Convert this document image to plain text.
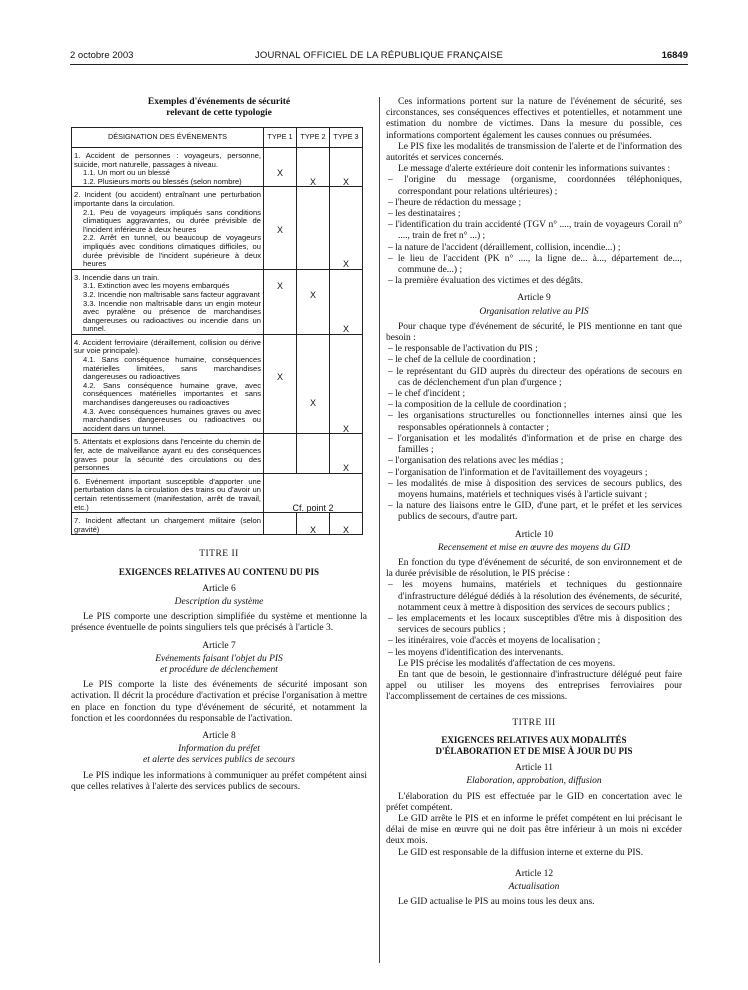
2 octobre 2003	JOURNAL OFFICIEL DE LA RÉPUBLIQUE FRANÇAISE	16849

Exemples d'événements de sécurité

relevant de cette typologie

DÉSIGNATION DES ÉVÉNEMENTS	TYPE 1	TYPE 2	TYPE 3
1. Accident de personnes : voyageurs, personne, suicide, mort naturelle, passages à niveau.			
1.1. Un mort ou un blessé	X		
1.2. Plusieurs morts ou blessés (selon nombre)		X	X
2. Incident (ou accident) entraînant une perturbation importante dans la circulation.			
2.1. Peu de voyageurs impliqués sans conditions climatiques aggravantes, ou durée prévisible de l'incident inférieure à deux heures	X		
2.2. Arrêt en tunnel, ou beaucoup de voyageurs impliqués avec conditions climatiques difficiles, ou durée prévisible de l'incident supérieure à deux heures			X
3. Incendie dans un train.			
3.1. Extinction avec les moyens embarqués	X		
3.2. Incendie non maîtrisable sans facteur aggravant		X	
3.3. Incendie non maîtrisable dans un engin moteur avec pyralène ou présence de marchandises dangereuses ou radioactives ou incendie dans un tunnel.			X
4. Accident ferroviaire (déraillement, collision ou dérive sur voie principale).			
4.1. Sans conséquence humaine, conséquences matérielles limitées, sans marchandises dangereuses ou radioactives	X		
4.2. Sans conséquence humaine grave, avec conséquences matérielles importantes et sans marchandises dangereuses ou radioactives		X	
4.3. Avec conséquences humaines graves ou avec marchandises dangereuses ou radioactives ou accident dans un tunnel.			X
5. Attentats et explosions dans l'enceinte du chemin de fer, acte de malveillance ayant eu des conséquences graves pour la sécurité des circulations ou des personnes			X
6. Evénement important susceptible d'apporter une perturbation dans la circulation des trains ou d'avoir un certain retentissement (manifestation, arrêt de travail, etc.)	Cf. point 2		
7. Incident affectant un chargement militaire (selon gravité)		X	X

TITRE II

EXIGENCES RELATIVES AU CONTENU DU PIS

Article 6

Description du système

Le PIS comporte une description simplifiée du système et mentionne la présence éventuelle de points singuliers tels que précisés à l'article 3.

Article 7

Evénements faisant l'objet du PIS

et procédure de déclenchement

Le PIS comporte la liste des événements de sécurité imposant son activation. Il décrit la procédure d'activation et précise l'organisation à mettre en place en fonction du type d'événement de sécurité, et notamment la fonction et les coordonnées du responsable de l'activation.

Article 8

Information du préfet

et alerte des services publics de secours

Le PIS indique les informations à communiquer au préfet compétent ainsi que celles relatives à l'alerte des services publics de secours.

Ces informations portent sur la nature de l'événement de sécurité, ses circonstances, ses conséquences effectives et potentielles, et notamment une estimation du nombre de victimes. Dans la mesure du possible, ces informations comportent également les causes connues ou présumées.

Le PIS fixe les modalités de transmission de l'alerte et de l'information des autorités et services concernés.

Le message d'alerte extérieure doit contenir les informations suivantes :

– l'origine du message (organisme, coordonnées téléphoniques, correspondant pour relations ultérieures) ;

– l'heure de rédaction du message ;

– les destinataires ;

– l'identification du train accidenté (TGV n° ...., train de voyageurs Corail n° ...., train de fret n° ...) ;

– la nature de l'accident (déraillement, collision, incendie...) ;

– le lieu de l'accident (PK n° ...., la ligne de... à..., département de..., commune de...) ;

– la première évaluation des victimes et des dégâts.

Article 9

Organisation relative au PIS

Pour chaque type d'événement de sécurité, le PIS mentionne en tant que besoin :

– le responsable de l'activation du PIS ;

– le chef de la cellule de coordination ;

– le représentant du GID auprès du directeur des opérations de secours en cas de déclenchement d'un plan d'urgence ;

– le chef d'incident ;

– la composition de la cellule de coordination ;

– les organisations structurelles ou fonctionnelles internes ainsi que les responsables opérationnels à contacter ;

– l'organisation et les modalités d'information et de prise en charge des familles ;

– l'organisation des relations avec les médias ;

– l'organisation de l'information et de l'avitaillement des voyageurs ;

– les modalités de mise à disposition des services de secours publics, des moyens humains, matériels et techniques visés à l'article suivant ;

– la nature des liaisons entre le GID, d'une part, et le préfet et les services publics de secours, d'autre part.

Article 10

Recensement et mise en œuvre des moyens du GID

En fonction du type d'événement de sécurité, de son environnement et de la durée prévisible de résolution, le PIS précise :

– les moyens humains, matériels et techniques du gestionnaire d'infrastructure délégué dédiés à la résolution des événements, de sécurité, notamment ceux à mettre à disposition des services de secours publics ;

– les emplacements et les locaux susceptibles d'être mis à disposition des services de secours publics ;

– les itinéraires, voie d'accès et moyens de localisation ;

– les moyens d'identification des intervenants.

Le PIS précise les modalités d'affectation de ces moyens.

En tant que de besoin, le gestionnaire d'infrastructure délégué peut faire appel ou utiliser les moyens des entreprises ferroviaires pour l'accomplissement de certaines de ces missions.

TITRE III

EXIGENCES RELATIVES AUX MODALITÉS

D'ÉLABORATION ET DE MISE À JOUR DU PIS

Article 11

Elaboration, approbation, diffusion

L'élaboration du PIS est effectuée par le GID en concertation avec le préfet compétent.

Le GID arrête le PIS et en informe le préfet compétent en lui précisant le délai de mise en œuvre qui ne doit pas être inférieur à un mois ni excéder deux mois.

Le GID est responsable de la diffusion interne et externe du PIS.

Article 12

Actualisation

Le GID actualise le PIS au moins tous les deux ans.
